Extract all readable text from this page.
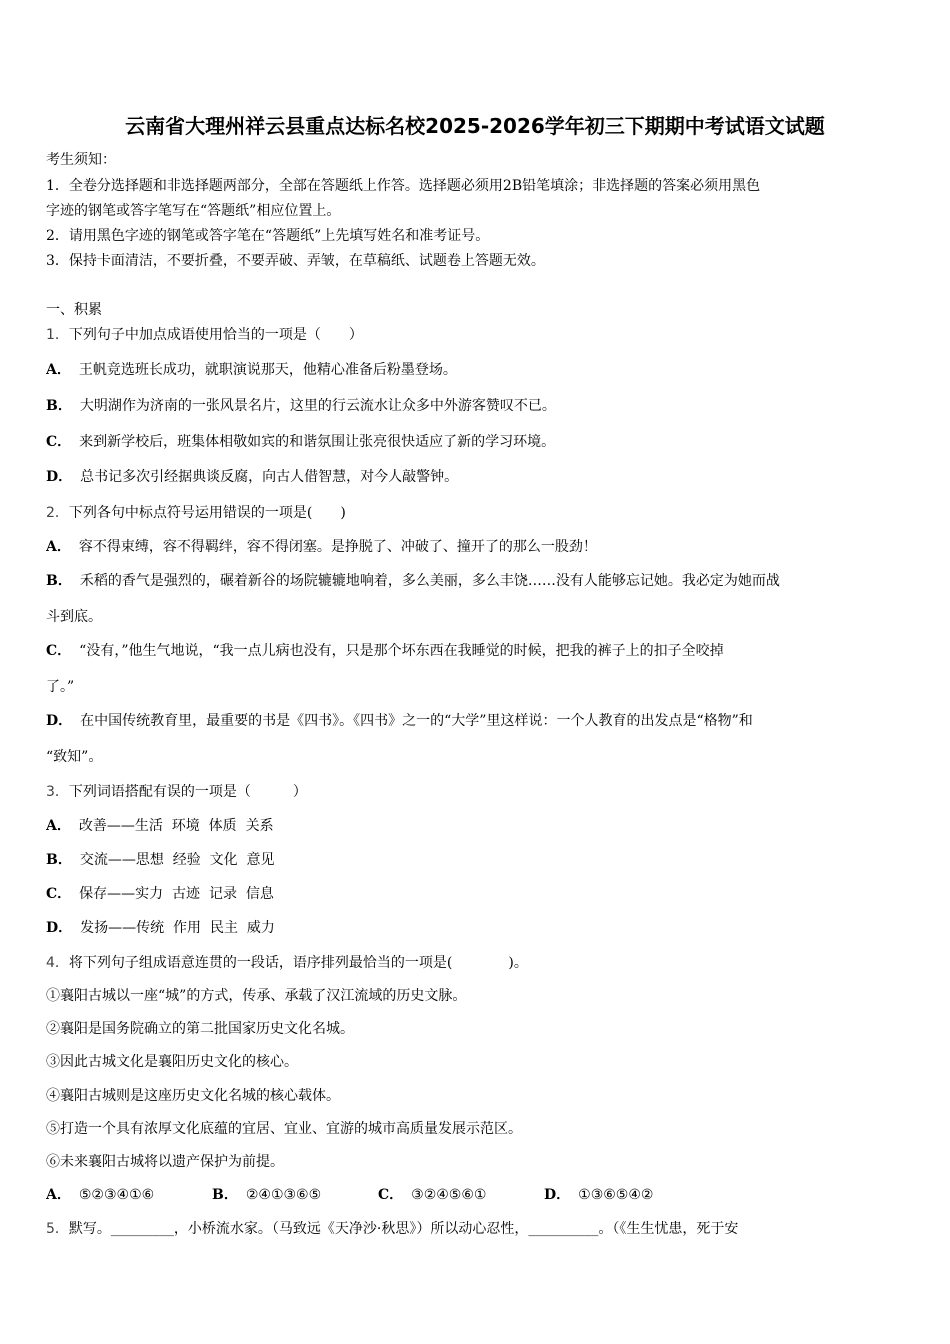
云南省大理州祥云县重点达标名校2025-2026学年初三下期期中考试语文试题
考生须知：
1．全卷分选择题和非选择题两部分，全部在答题纸上作答。选择题必须用2B铅笔填涂；非选择题的答案必须用黑色
字迹的钢笔或答字笔写在“答题纸”相应位置上。
2．请用黑色字迹的钢笔或答字笔在“答题纸”上先填写姓名和准考证号。
3．保持卡面清洁，不要折叠，不要弄破、弄皱，在草稿纸、试题卷上答题无效。
一、积累
1．下列句子中加点成语使用恰当的一项是（　　）
A． 王帆竞选班长成功，就职演说那天，他精心准备后粉墨登场。
B． 大明湖作为济南的一张风景名片，这里的行云流水让众多中外游客赞叹不已。
C． 来到新学校后，班集体相敬如宾的和谐氛围让张亮很快适应了新的学习环境。
D． 总书记多次引经据典谈反腐，向古人借智慧，对今人敲警钟。
2．下列各句中标点符号运用错误的一项是(　　)
A． 容不得束缚，容不得羁绊，容不得闭塞。是挣脱了、冲破了、撞开了的那么一股劲！
B． 禾稻的香气是强烈的，碾着新谷的场院辘辘地响着，多么美丽，多么丰饶……没有人能够忘记她。我必定为她而战
斗到底。
C． “没有，”他生气地说，“我一点儿病也没有，只是那个坏东西在我睡觉的时候，把我的裤子上的扣子全咬掉
了。”
D． 在中国传统教育里，最重要的书是《四书》。《四书》之一的“大学”里这样说：一个人教育的出发点是“格物”和
“致知”。
3．下列词语搭配有误的一项是（　　　）
A． 改善——生活  环境  体质  关系
B． 交流——思想  经验  文化  意见
C． 保存——实力  古迹  记录  信息
D． 发扬——传统  作用  民主  威力
4．将下列句子组成语意连贯的一段话，语序排列最恰当的一项是(　　　　)。
①襄阳古城以一座“城”的方式，传承、承载了汉江流域的历史文脉。
②襄阳是国务院确立的第二批国家历史文化名城。
③因此古城文化是襄阳历史文化的核心。
④襄阳古城则是这座历史文化名城的核心载体。
⑤打造一个具有浓厚文化底蕴的宜居、宜业、宜游的城市高质量发展示范区。
⑥未来襄阳古城将以遗产保护为前提。
A． ⑤②③④①⑥	B． ②④①③⑥⑤	C． ③②④⑤⑥①	D． ①③⑥⑤④②
5．默写。_________，小桥流水家。（马致远《天净沙·秋思》）所以动心忍性，__________。（《生生忧患，死于安
